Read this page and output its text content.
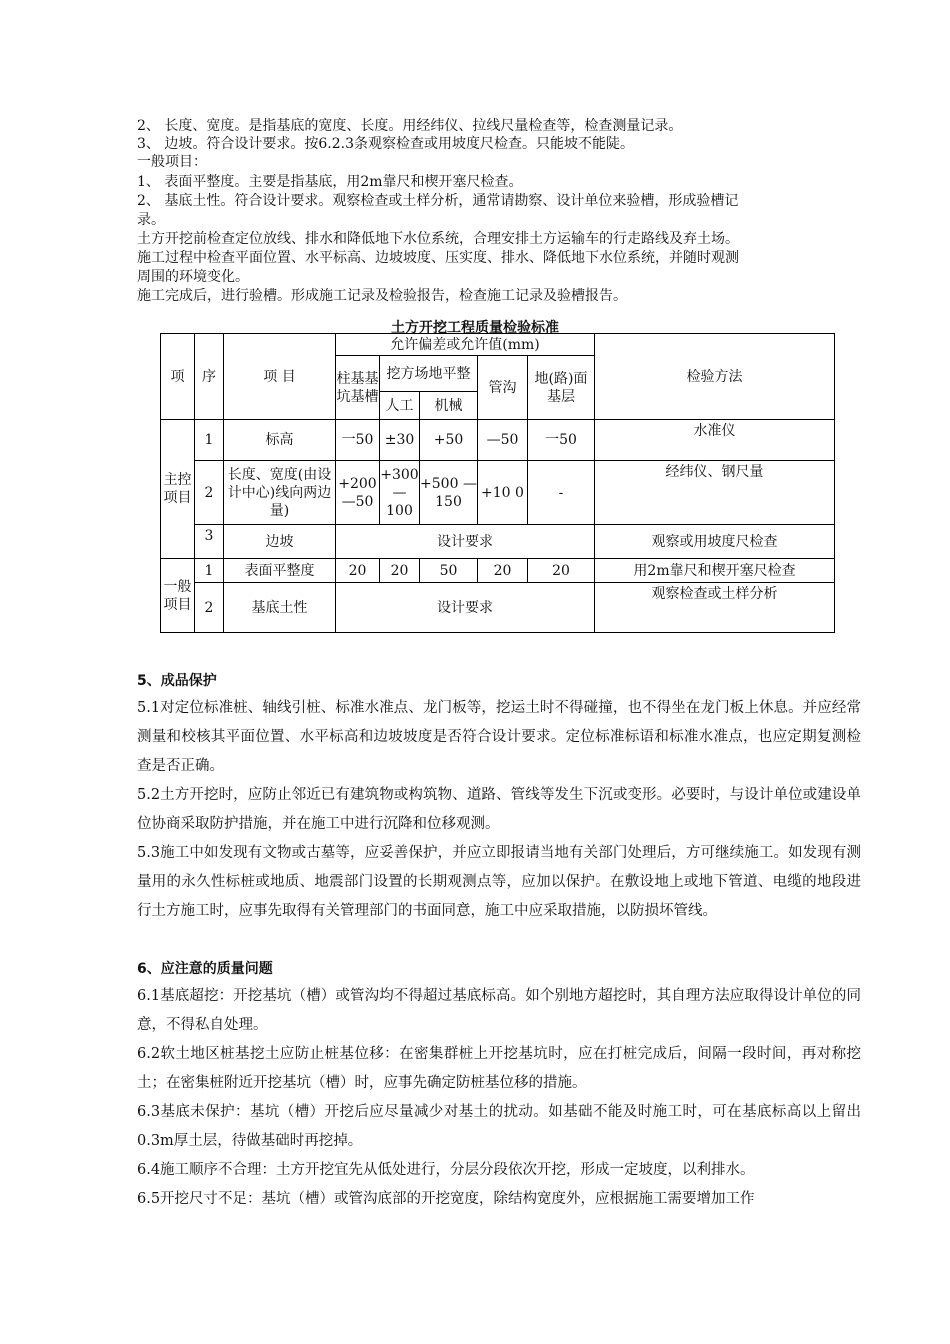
2、 长度、宽度。是指基底的宽度、长度。用经纬仪、拉线尺量检查等，检查测量记录。
3、 边坡。符合设计要求。按6.2.3条观察检查或用坡度尺检查。只能坡不能陡。
一般项目：
1、 表面平整度。主要是指基底，用2m靠尺和楔开塞尺检查。
2、 基底土性。符合设计要求。观察检查或土样分析，通常请勘察、设计单位来验槽，形成验槽记
录。
土方开挖前检查定位放线、排水和降低地下水位系统，合理安排土方运输车的行走路线及弃土场。
施工过程中检查平面位置、水平标高、边坡坡度、压实度、排水、降低地下水位系统，并随时观测
周围的环境变化。
施工完成后，进行验槽。形成施工记录及检验报告，检查施工记录及验槽报告。
土方开挖工程质量检验标准
项	序	项 目	允许偏差或允许值(mm)					检验方法
			柱基基坑基槽	挖方场地平整		管沟	地(路)面基层	
				人工	机械			
主控项目	1	标高	一50	±30	+50	—50	一50	水准仪
	2	长度、宽度(由设计中心)线向两边量)	+200 —50	+300 —100	+500 —150	+10 0	-	经纬仪、钢尺量
	3	边坡	设计要求					观察或用坡度尺检查
一般项目	1	表面平整度	20	20	50	20	20	用2m靠尺和楔开塞尺检查
	2	基底土性	设计要求					观察检查或土样分析
5、成品保护
5.1对定位标准桩、轴线引桩、标准水准点、龙门板等，挖运土时不得碰撞，也不得坐在龙门板上休息。并应经常测量和校核其平面位置、水平标高和边坡坡度是否符合设计要求。定位标准标语和标准水准点，也应定期复测检查是否正确。
5.2土方开挖时，应防止邻近已有建筑物或构筑物、道路、管线等发生下沉或变形。必要时，与设计单位或建设单位协商采取防护措施，并在施工中进行沉降和位移观测。
5.3施工中如发现有文物或古墓等，应妥善保护，并应立即报请当地有关部门处理后，方可继续施工。如发现有测量用的永久性标桩或地质、地震部门设置的长期观测点等，应加以保护。在敷设地上或地下管道、电缆的地段进行土方施工时，应事先取得有关管理部门的书面同意，施工中应采取措施，以防损坏管线。
6、应注意的质量问题
6.1基底超挖：开挖基坑（槽）或管沟均不得超过基底标高。如个别地方超挖时，其自理方法应取得设计单位的同意，不得私自处理。
6.2软土地区桩基挖土应防止桩基位移：在密集群桩上开挖基坑时，应在打桩完成后，间隔一段时间，再对称挖土；在密集桩附近开挖基坑（槽）时，应事先确定防桩基位移的措施。
6.3基底未保护：基坑（槽）开挖后应尽量减少对基土的扰动。如基础不能及时施工时，可在基底标高以上留出0.3m厚土层，待做基础时再挖掉。
6.4施工顺序不合理：土方开挖宜先从低处进行，分层分段依次开挖，形成一定坡度，以利排水。
6.5开挖尺寸不足：基坑（槽）或管沟底部的开挖宽度，除结构宽度外，应根据施工需要增加工作
